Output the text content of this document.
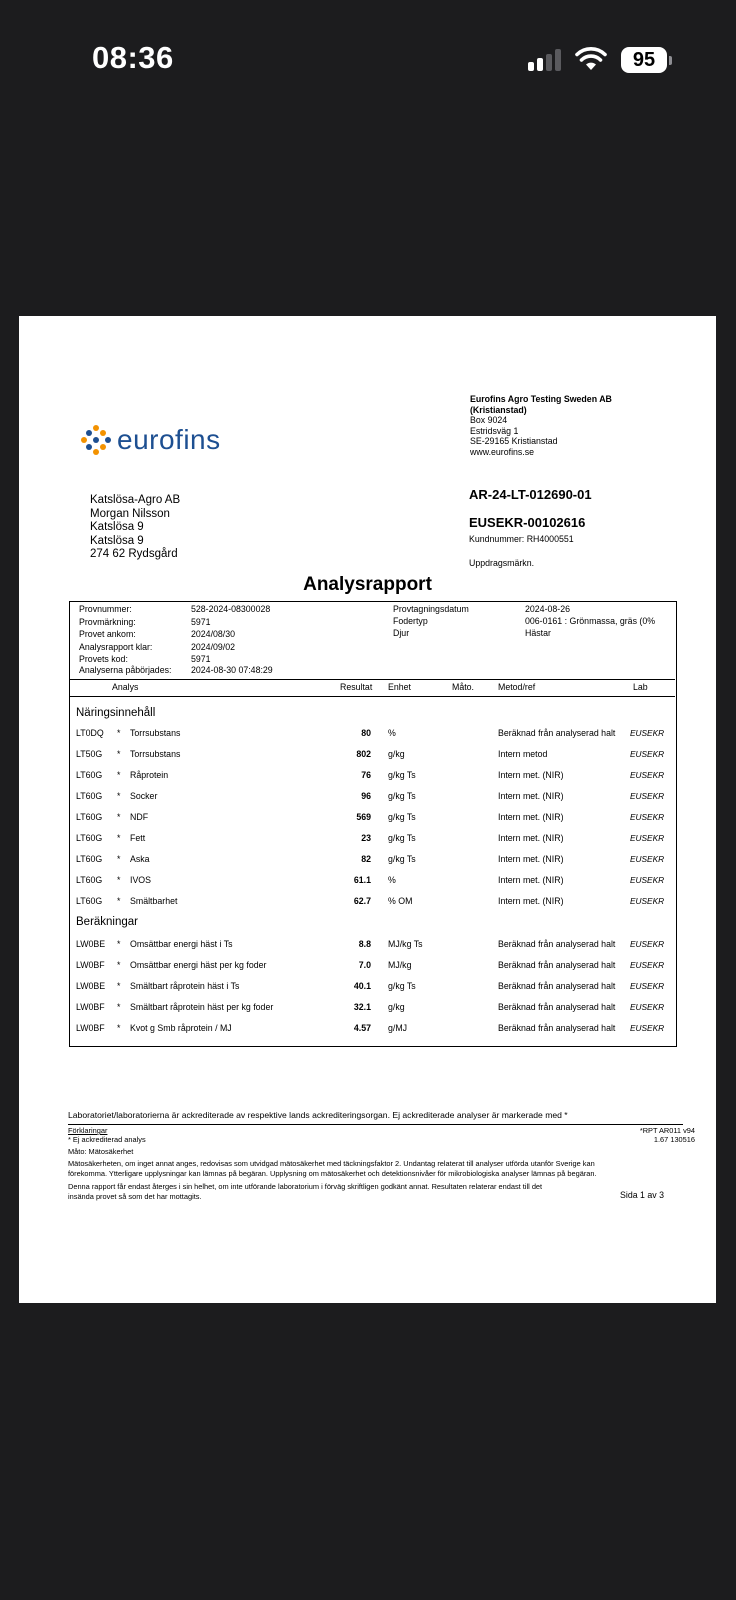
08:36	95
eurofins
Eurofins Agro Testing Sweden AB
(Kristianstad)
Box 9024
Estridsväg 1
SE-29165 Kristianstad
www.eurofins.se
Katslösa-Agro AB
Morgan Nilsson
Katslösa 9
Katslösa 9
274 62 Rydsgård
AR-24-LT-012690-01
EUSEKR-00102616
Kundnummer: RH4000551
Uppdragsmärkn.
Analysrapport
Provnummer:	528-2024-08300028
Provmärkning:	5971
Provet ankom:	2024/08/30
Analysrapport klar:	2024/09/02
Provets kod:	5971
Analyserna påbörjades: 2024-08-30 07:48:29
Provtagningsdatum	2024-08-26
Fodertyp	006-0161 : Grönmassa, gräs (0%
Djur	Hästar
Analys	Resultat Enhet	Måto.	Metod/ref	Lab
Näringsinnehåll
LT0DQ * Torrsubstans	80 %	Beräknad från analyserad halt EUSEKR
LT50G * Torrsubstans	802 g/kg	Intern metod	EUSEKR
LT60G * Råprotein	76 g/kg Ts	Intern met. (NIR)	EUSEKR
LT60G * Socker	96 g/kg Ts	Intern met. (NIR)	EUSEKR
LT60G * NDF	569 g/kg Ts	Intern met. (NIR)	EUSEKR
LT60G * Fett	23 g/kg Ts	Intern met. (NIR)	EUSEKR
LT60G * Aska	82 g/kg Ts	Intern met. (NIR)	EUSEKR
LT60G * IVOS	61.1 %	Intern met. (NIR)	EUSEKR
LT60G * Smältbarhet	62.7 % OM	Intern met. (NIR)	EUSEKR
Beräkningar
LW0BE * Omsättbar energi häst i Ts	8.8 MJ/kg Ts	Beräknad från analyserad halt EUSEKR
LW0BF * Omsättbar energi häst per kg foder	7.0 MJ/kg	Beräknad från analyserad halt EUSEKR
LW0BE * Smältbart råprotein häst i Ts	40.1 g/kg Ts	Beräknad från analyserad halt EUSEKR
LW0BF * Smältbart råprotein häst per kg foder	32.1 g/kg	Beräknad från analyserad halt EUSEKR
LW0BF * Kvot g Smb råprotein / MJ	4.57 g/MJ	Beräknad från analyserad halt EUSEKR
Laboratoriet/laboratorierna är ackrediterade av respektive lands ackrediteringsorgan. Ej ackrediterade analyser är markerade med *
Förklaringar
* Ej ackrediterad analys
*RPT AR011 v94
1.67 130516
Måto: Mätosäkerhet
Mätosäkerheten, om inget annat anges, redovisas som utvidgad mätosäkerhet med täckningsfaktor 2. Undantag relaterat till analyser utförda utanför Sverige kan
förekomma. Ytterligare upplysningar kan lämnas på begäran. Upplysning om mätosäkerhet och detektionsnivåer för mikrobiologiska analyser lämnas på begäran.
Denna rapport får endast återges i sin helhet, om inte utförande laboratorium i förväg skriftligen godkänt annat. Resultaten relaterar endast till det
insända provet så som det har mottagits.	Sida 1 av 3
